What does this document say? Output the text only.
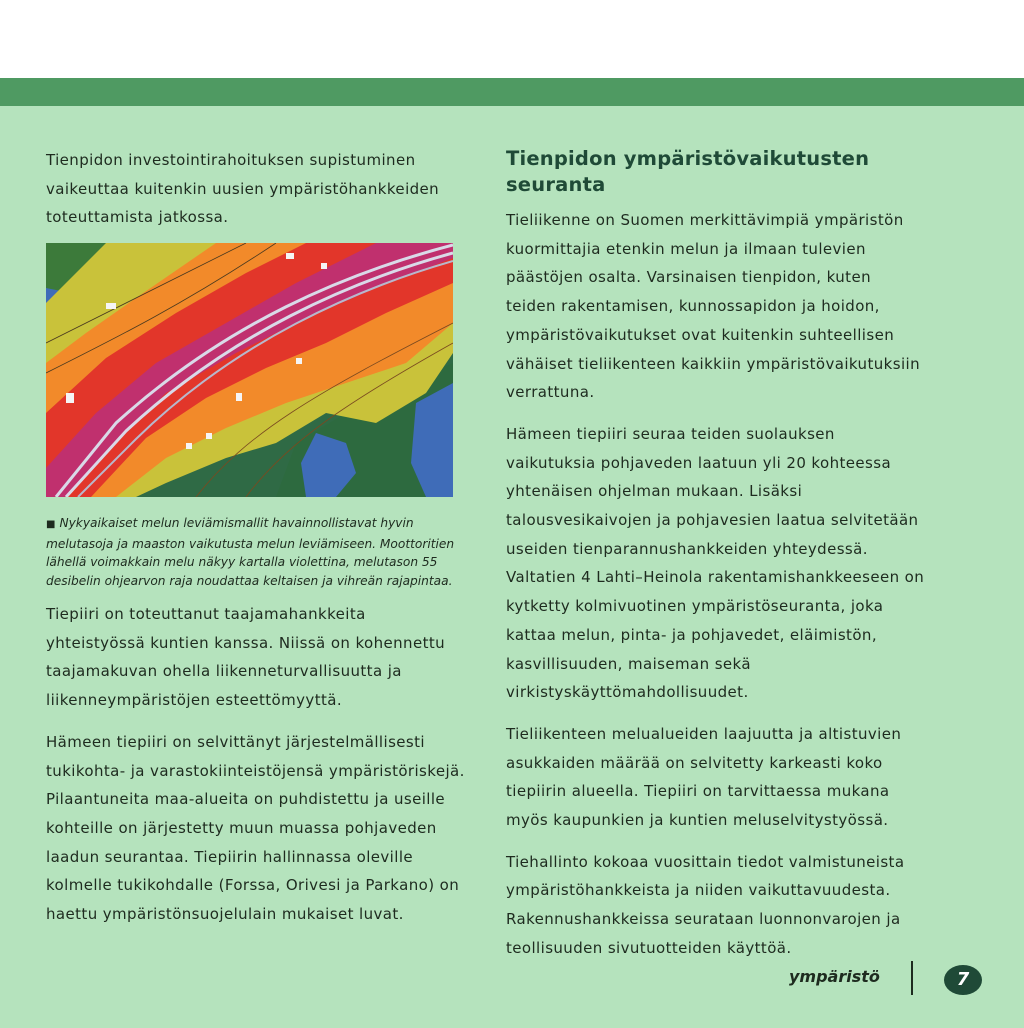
Tienpidon investointirahoituksen supistuminen vaikeuttaa kuitenkin uusien ympäristöhankkeiden toteuttamista jatkossa.

■ Nykyaikaiset melun leviämismallit havainnollistavat hyvin melutasoja ja maaston vaikutusta melun leviämiseen. Moottoritien lähellä voimakkain melu näkyy kartalla violettina, melutason 55 desibelin ohjearvon raja noudattaa keltaisen ja vihreän rajapintaa.

Tiepiiri on toteuttanut taajamahankkeita yhteistyössä kuntien kanssa. Niissä on kohennettu taajamakuvan ohella liikenneturvallisuutta ja liikenneympäristöjen esteettömyyttä.

Hämeen tiepiiri on selvittänyt järjestelmällisesti tukikohta- ja varastokiinteistöjensä ympäristöriskejä. Pilaantuneita maa-alueita on puhdistettu ja useille kohteille on järjestetty muun muassa pohjaveden laadun seurantaa. Tiepiirin hallinnassa oleville kolmelle tukikohdalle (Forssa, Orivesi ja Parkano) on haettu ympäristönsuojelulain mukaiset luvat.

Tienpidon ympäristövaikutusten seuranta

Tieliikenne on Suomen merkittävimpiä ympäristön kuormittajia etenkin melun ja ilmaan tulevien päästöjen osalta. Varsinaisen tienpidon, kuten teiden rakentamisen, kunnossapidon ja hoidon, ympäristövaikutukset ovat kuitenkin suhteellisen vähäiset tieliikenteen kaikkiin ympäristövaikutuksiin verrattuna.

Hämeen tiepiiri seuraa teiden suolauksen vaikutuksia pohjaveden laatuun yli 20 kohteessa yhtenäisen ohjelman mukaan. Lisäksi talousvesikaivojen ja pohjavesien laatua selvitetään useiden tienparannushankkeiden yhteydessä. Valtatien 4 Lahti–Heinola rakentamishankkeeseen on kytketty kolmivuotinen ympäristöseuranta, joka kattaa melun, pinta- ja pohjavedet, eläimistön, kasvillisuuden, maiseman sekä virkistyskäyttömahdollisuudet.

Tieliikenteen melualueiden laajuutta ja altistuvien asukkaiden määrää on selvitetty karkeasti koko tiepiirin alueella. Tiepiiri on tarvittaessa mukana myös kaupunkien ja kuntien meluselvitystyössä.

Tiehallinto kokoaa vuosittain tiedot valmistuneista ympäristöhankkeista ja niiden vaikuttavuudesta. Rakennushankkeissa seurataan luonnonvarojen ja teollisuuden sivutuotteiden käyttöä.

ympäristö	7
